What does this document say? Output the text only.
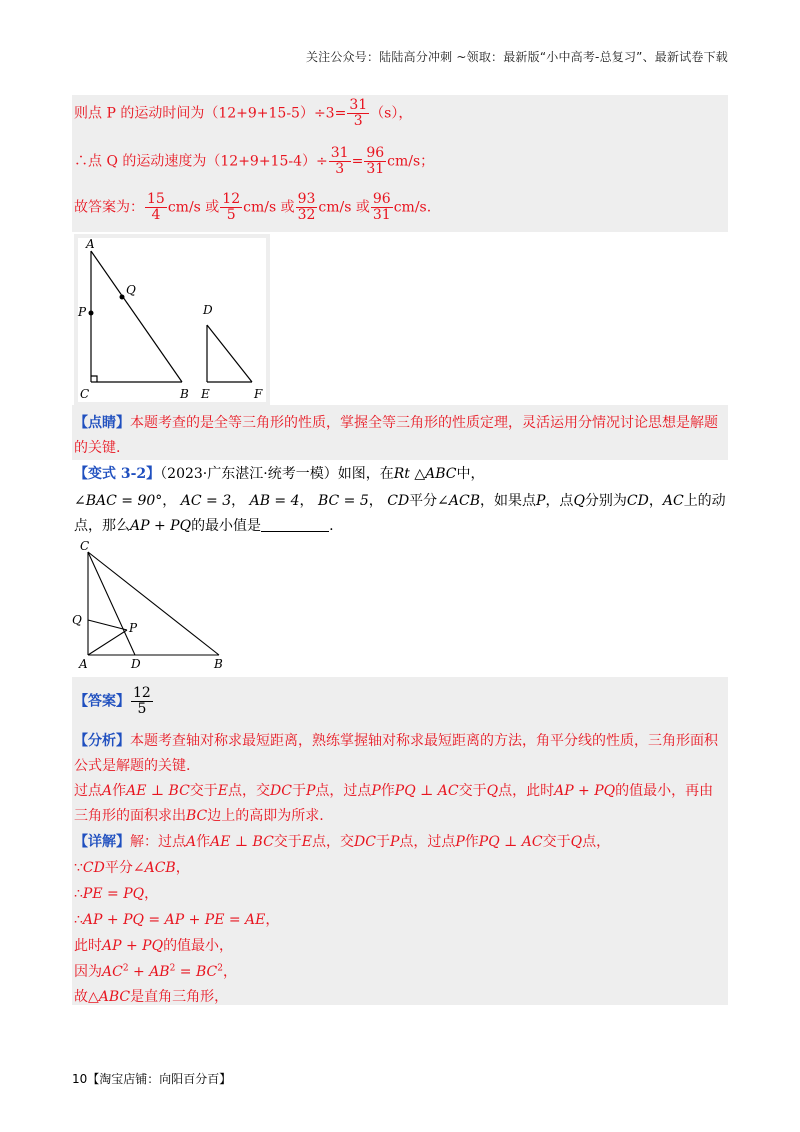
关注公众号：陆陆高分冲刺 ~领取：最新版“小中高考-总复习”、最新试卷下载
则点 P 的运动时间为$(12+9+15-5)\div 3= \frac{31}{3} (s)$，
∴点 Q 的运动速度为$(12+9+15-4)\div \frac{31}{3} = \frac{96}{31} cm/s$；
故答案为： $\frac{15}{4} cm/s$ 或 $\frac{12}{5} cm/s$ 或 $\frac{93}{32} cm/s$ 或 $\frac{96}{31} cm/s$.
A
Q
P
C	B
D
E	F
【点睛】本题考查的是全等三角形的性质，掌握全等三角形的性质定理，灵活运用分情况讨论思想是解题
的关键.
【变式 3-2】（2023·广东湛江·统考一模）如图，在Rt △ABC中，
∠BAC = 90°， AC = 3， AB = 4， BC = 5， CD平分∠ACB，如果点P，点Q分别为CD，AC上的动
点，那么AP + PQ的最小值是	.
C
Q
P
A	D	B
【答案】 $\frac{12}{5}$
【分析】本题考查轴对称求最短距离，熟练掌握轴对称求最短距离的方法，角平分线的性质，三角形面积
公式是解题的关键.
过点A作AE ⊥ BC交于E点，交DC于P点，过点P作PQ ⊥ AC交于Q点，此时AP + PQ的值最小，再由
三角形的面积求出BC边上的高即为所求.
【详解】解：过点A作AE ⊥ BC交于E点，交DC于P点，过点P作PQ ⊥ AC交于Q点，
∵CD平分∠ACB，
∴PE = PQ，
∴AP + PQ = AP + PE = AE，
此时AP + PQ的值最小，
因为$AC^2 + AB^2 = BC^2$，
故△ABC是直角三角形，
10【淘宝店铺：向阳百分百】
